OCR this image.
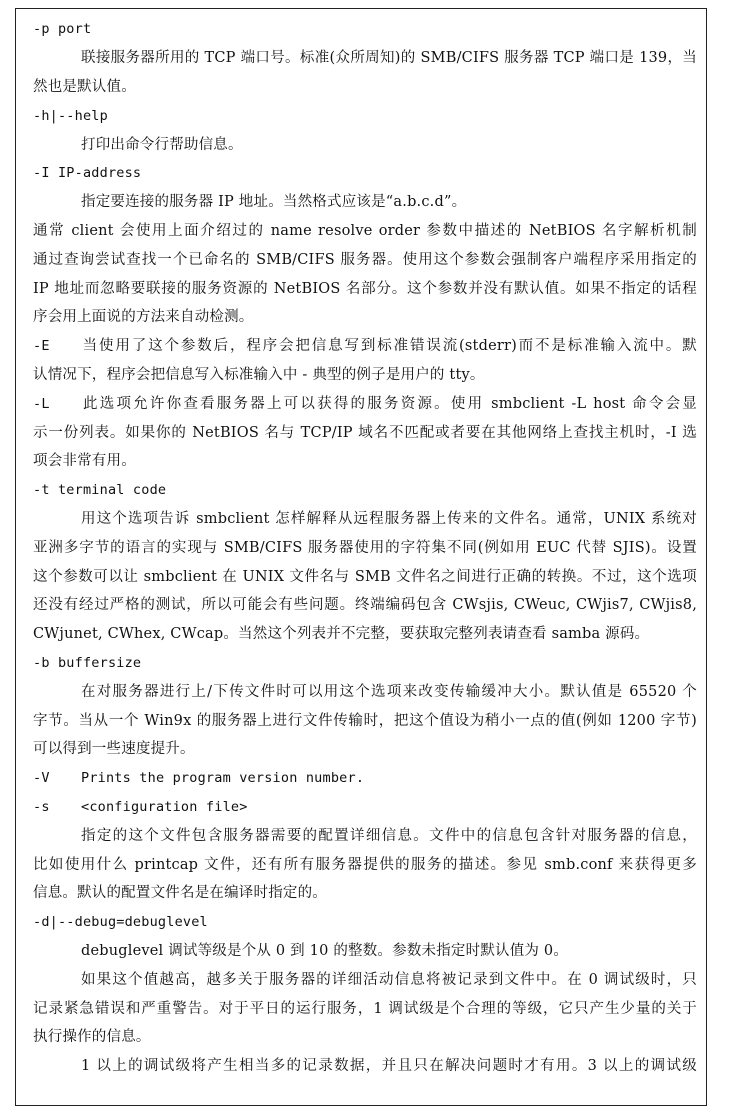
-p port
联接服务器所用的 TCP 端口号。标准(众所周知)的 SMB/CIFS 服务器 TCP 端口是 139，当
然也是默认值。
-h|--help
打印出命令行帮助信息。
-I IP-address
指定要连接的服务器 IP 地址。当然格式应该是“a.b.c.d”。
通常 client 会使用上面介绍过的 name resolve order 参数中描述的 NetBIOS 名字解析机制
通过查询尝试查找一个已命名的 SMB/CIFS 服务器。使用这个参数会强制客户端程序采用指定的
IP 地址而忽略要联接的服务资源的 NetBIOS 名部分。这个参数并没有默认值。如果不指定的话程
序会用上面说的方法来自动检测。
-E 当使用了这个参数后，程序会把信息写到标准错误流(stderr)而不是标准输入流中。默
认情况下，程序会把信息写入标准输入中 - 典型的例子是用户的 tty。
-L 此选项允许你查看服务器上可以获得的服务资源。使用 smbclient -L host 命令会显
示一份列表。如果你的 NetBIOS 名与 TCP/IP 域名不匹配或者要在其他网络上查找主机时，-I 选
项会非常有用。
-t terminal code
用这个选项告诉 smbclient 怎样解释从远程服务器上传来的文件名。通常，UNIX 系统对
亚洲多字节的语言的实现与 SMB/CIFS 服务器使用的字符集不同(例如用 EUC 代替 SJIS)。设置
这个参数可以让 smbclient 在 UNIX 文件名与 SMB 文件名之间进行正确的转换。不过，这个选项
还没有经过严格的测试，所以可能会有些问题。终端编码包含 CWsjis, CWeuc, CWjis7, CWjis8,
CWjunet, CWhex, CWcap。当然这个列表并不完整，要获取完整列表请查看 samba 源码。
-b buffersize
在对服务器进行上/下传文件时可以用这个选项来改变传输缓冲大小。默认值是 65520 个
字节。当从一个 Win9x 的服务器上进行文件传输时，把这个值设为稍小一点的值(例如 1200 字节)
可以得到一些速度提升。
-V Prints the program version number.
-s <configuration file>
指定的这个文件包含服务器需要的配置详细信息。文件中的信息包含针对服务器的信息，
比如使用什么 printcap 文件，还有所有服务器提供的服务的描述。参见 smb.conf 来获得更多
信息。默认的配置文件名是在编译时指定的。
-d|--debug=debuglevel
debuglevel 调试等级是个从 0 到 10 的整数。参数未指定时默认值为 0。
如果这个值越高，越多关于服务器的详细活动信息将被记录到文件中。在 0 调试级时，只
记录紧急错误和严重警告。对于平日的运行服务，1 调试级是个合理的等级，它只产生少量的关于
执行操作的信息。
1 以上的调试级将产生相当多的记录数据，并且只在解决问题时才有用。3 以上的调试级
